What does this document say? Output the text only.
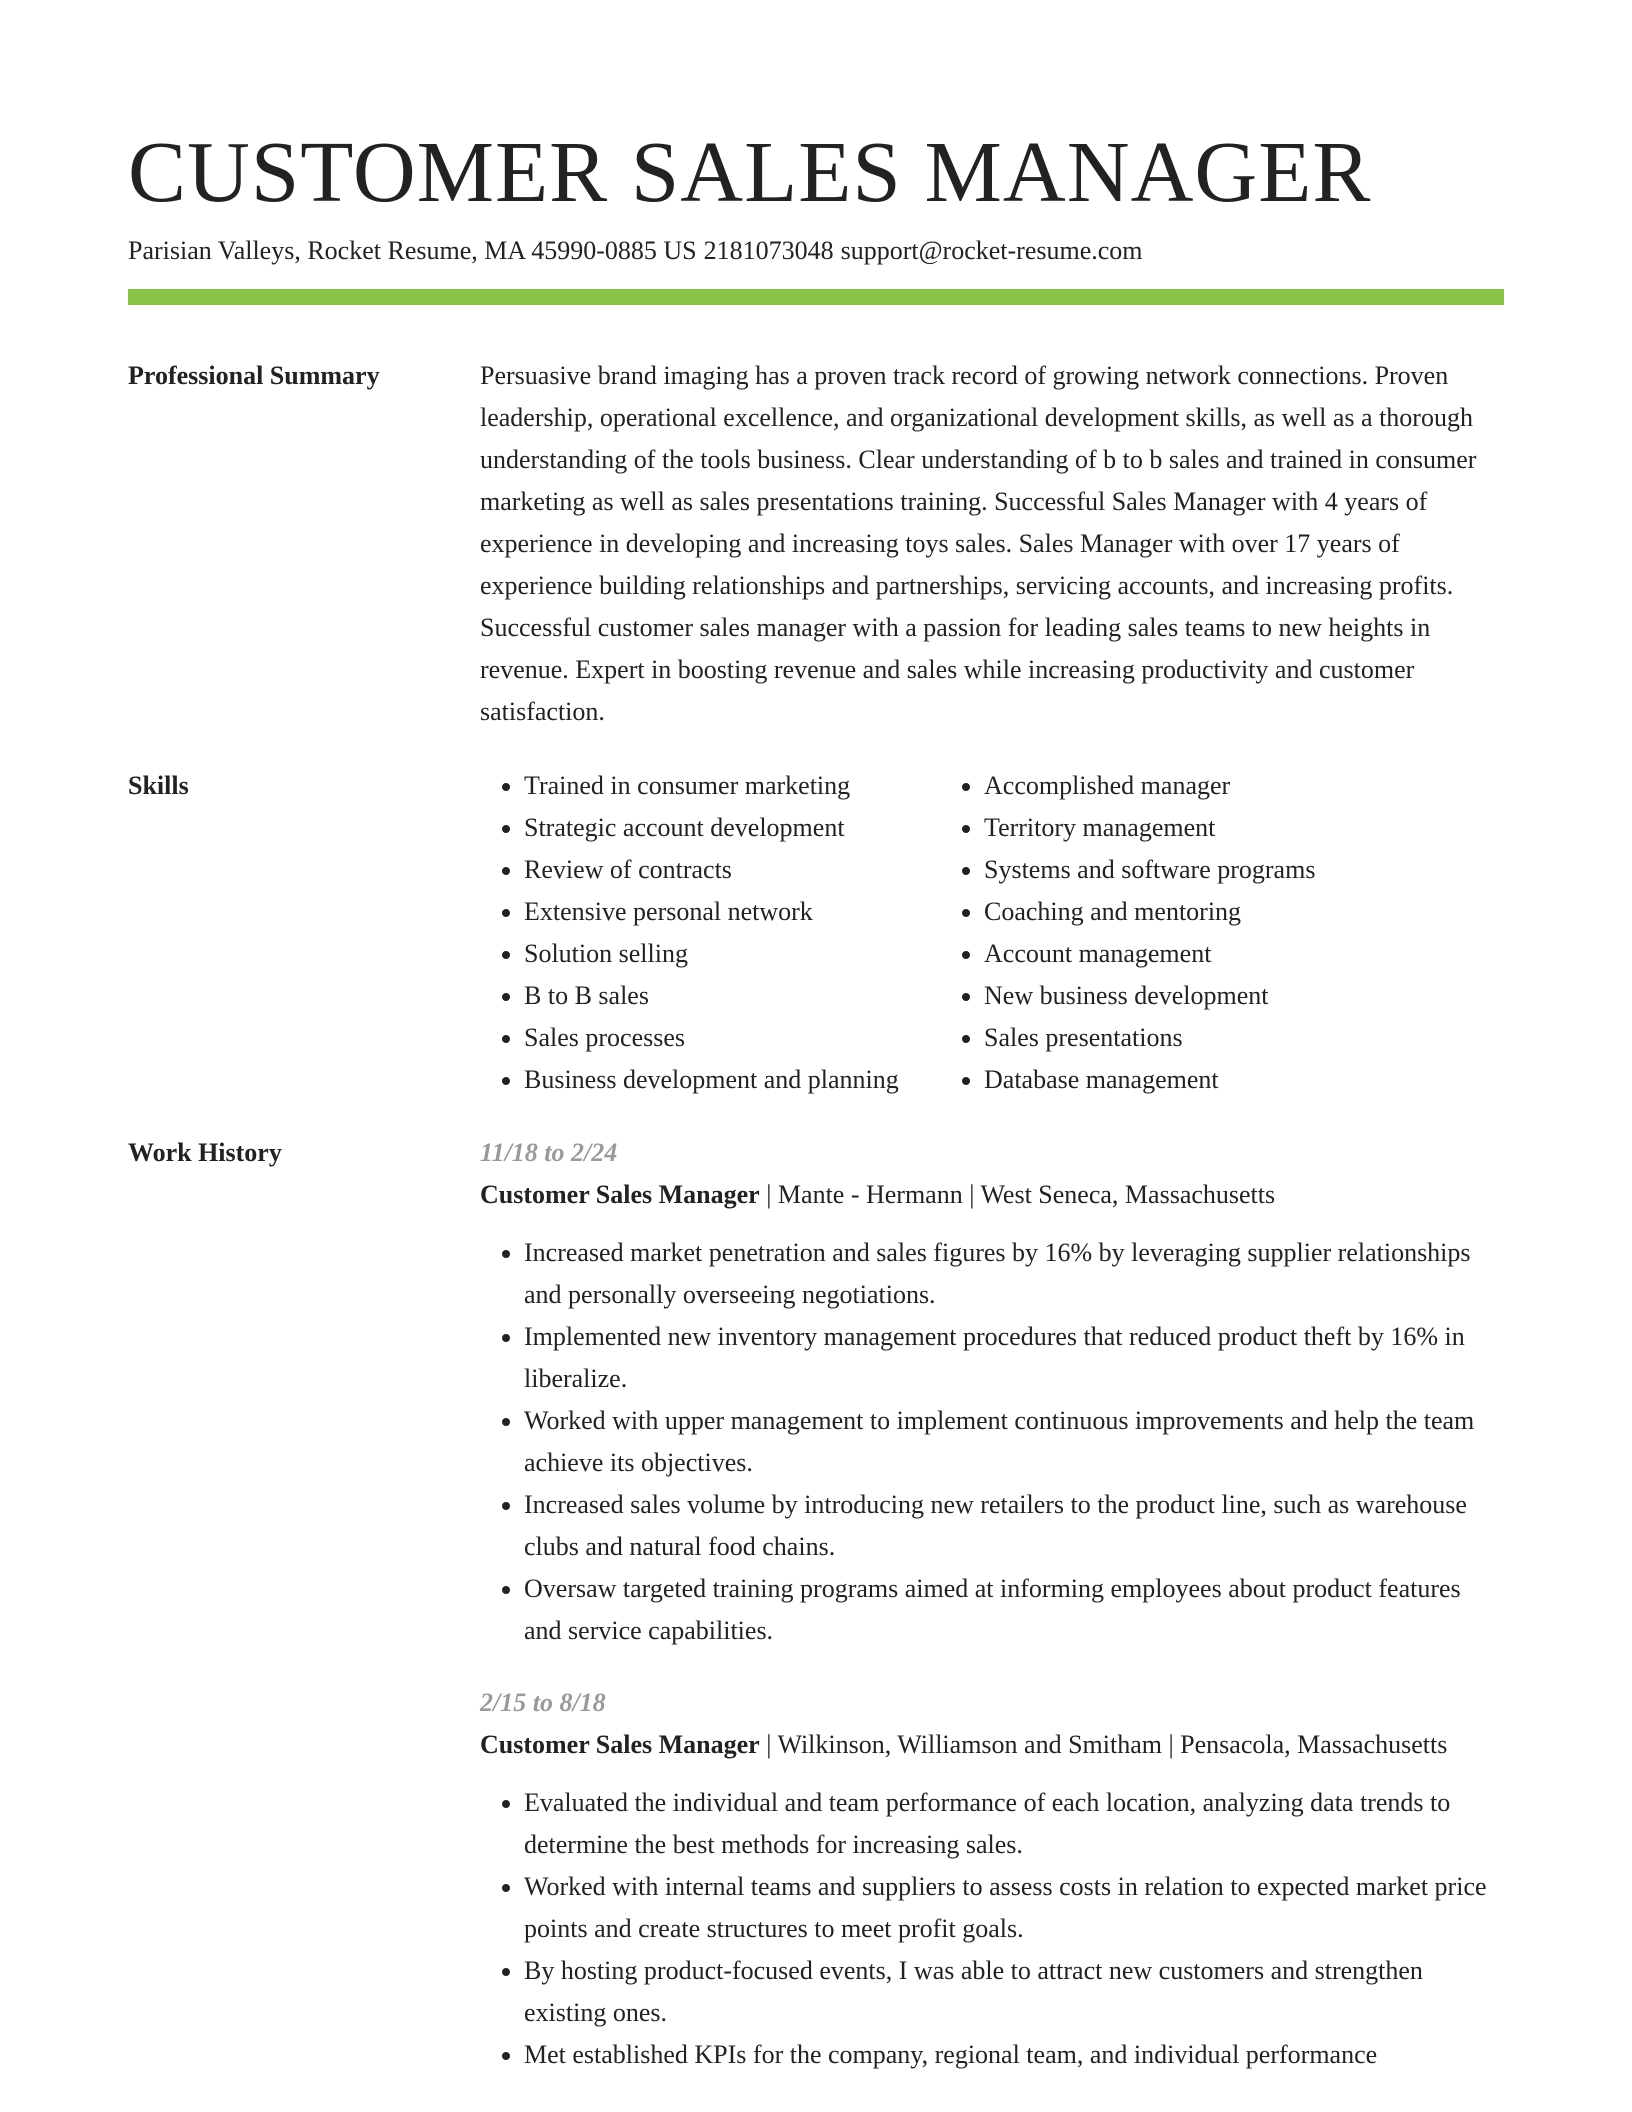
CUSTOMER SALES MANAGER
Parisian Valleys, Rocket Resume, MA 45990-0885 US 2181073048 support@rocket-resume.com
Professional Summary	Persuasive brand imaging has a proven track record of growing network connections. Proven leadership, operational excellence, and organizational development skills, as well as a thorough understanding of the tools business. Clear understanding of b to b sales and trained in consumer marketing as well as sales presentations training. Successful Sales Manager with 4 years of experience in developing and increasing toys sales. Sales Manager with over 17 years of experience building relationships and partnerships, servicing accounts, and increasing profits. Successful customer sales manager with a passion for leading sales teams to new heights in revenue. Expert in boosting revenue and sales while increasing productivity and customer satisfaction.

Skills
•	Trained in consumer marketing
• Strategic account development
• Review of contracts
• Extensive personal network
• Solution selling
• B to B sales
• Sales processes
• Business development and planning
• Accomplished manager
• Territory management
• Systems and software programs
• Coaching and mentoring
• Account management
• New business development
• Sales presentations
• Database management
Work History	11/18 to 2/24
Customer Sales Manager | Mante - Hermann | West Seneca, Massachusetts
• Increased market penetration and sales figures by 16% by leveraging supplier relationships and personally overseeing negotiations.
• Implemented new inventory management procedures that reduced product theft by 16% in liberalize.
• Worked with upper management to implement continuous improvements and help the team achieve its objectives.
• Increased sales volume by introducing new retailers to the product line, such as warehouse clubs and natural food chains.
• Oversaw targeted training programs aimed at informing employees about product features and service capabilities.
2/15 to 8/18
Customer Sales Manager | Wilkinson, Williamson and Smitham | Pensacola, Massachusetts
• Evaluated the individual and team performance of each location, analyzing data trends to determine the best methods for increasing sales.
• Worked with internal teams and suppliers to assess costs in relation to expected market price points and create structures to meet profit goals.
• By hosting product-focused events, I was able to attract new customers and strengthen existing ones.
• Met established KPIs for the company, regional team, and individual performance
